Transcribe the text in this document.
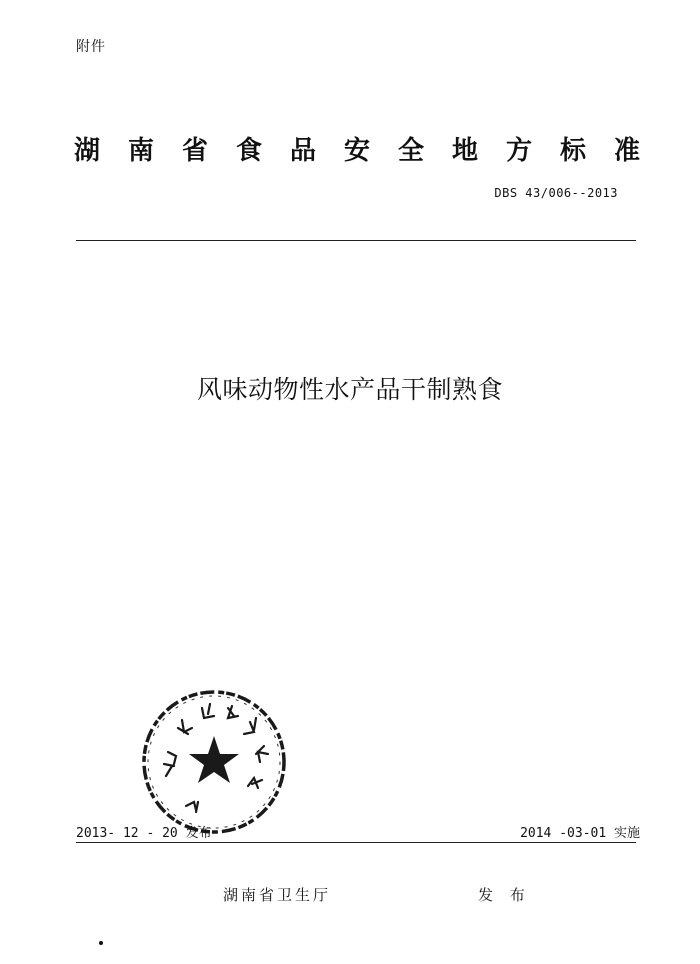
附件
湖南省食品安全地方标准
DBS 43/006--2013
风味动物性水产品干制熟食
2013- 12 - 20 发布	2014 -03-01 实施
湖南省卫生厅	发 布
